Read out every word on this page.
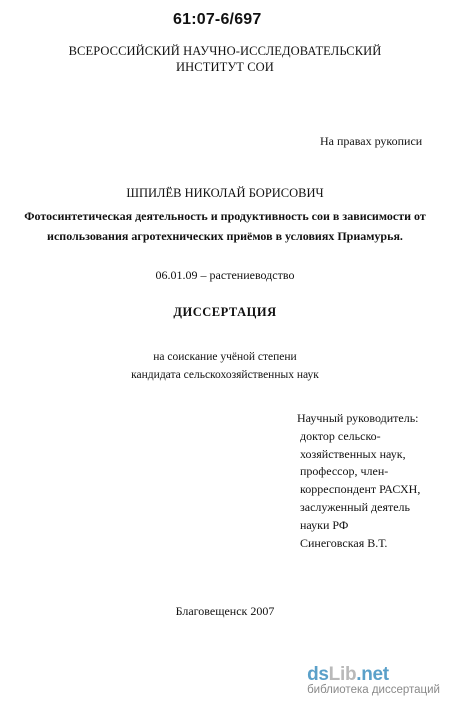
61:07-6/697
ВСЕРОССИЙСКИЙ НАУЧНО-ИССЛЕДОВАТЕЛЬСКИЙ
ИНСТИТУТ СОИ
На правах рукописи
ШПИЛЁВ НИКОЛАЙ БОРИСОВИЧ
Фотосинтетическая деятельность и продуктивность сои в зависимости от
использования агротехнических приёмов в условиях Приамурья.
06.01.09 – растениеводство
ДИССЕРТАЦИЯ
на соискание учёной степени
кандидата сельскохозяйственных наук
Научный руководитель:
доктор сельско-
хозяйственных наук,
профессор, член-
корреспондент РАСХН,
заслуженный деятель
науки РФ
Синеговская В.Т.
Благовещенск 2007
dsLib.net
библиотека диссертаций
